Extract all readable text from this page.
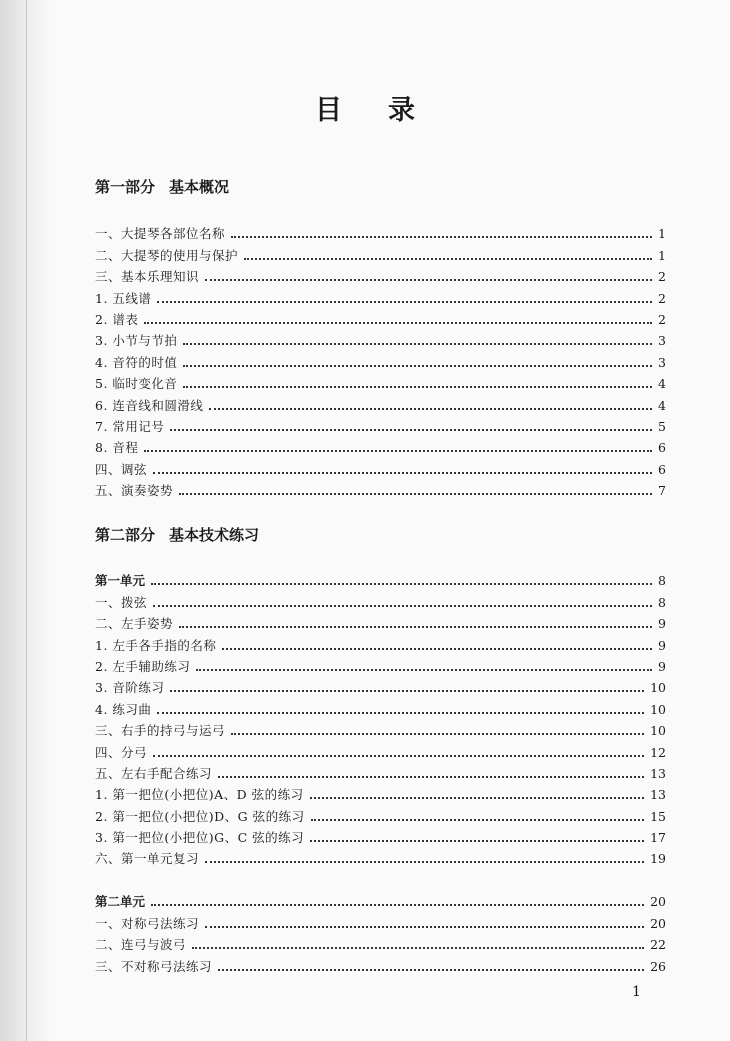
目 录
第一部分 基本概况
一、大提琴各部位名称	1
二、大提琴的使用与保护	1
三、基本乐理知识	2
1. 五线谱	2
2. 谱表	2
3. 小节与节拍	3
4. 音符的时值	3
5. 临时变化音	4
6. 连音线和圆滑线	4
7. 常用记号	5
8. 音程	6
四、调弦	6
五、演奏姿势	7
第二部分 基本技术练习
第一单元	8
一、拨弦	8
二、左手姿势	9
1. 左手各手指的名称	9
2. 左手辅助练习	9
3. 音阶练习	10
4. 练习曲	10
三、右手的持弓与运弓	10
四、分弓	12
五、左右手配合练习	13
1. 第一把位(小把位)A、D 弦的练习	13
2. 第一把位(小把位)D、G 弦的练习	15
3. 第一把位(小把位)G、C 弦的练习	17
六、第一单元复习	19
第二单元	20
一、对称弓法练习	20
二、连弓与波弓	22
三、不对称弓法练习	26
1
